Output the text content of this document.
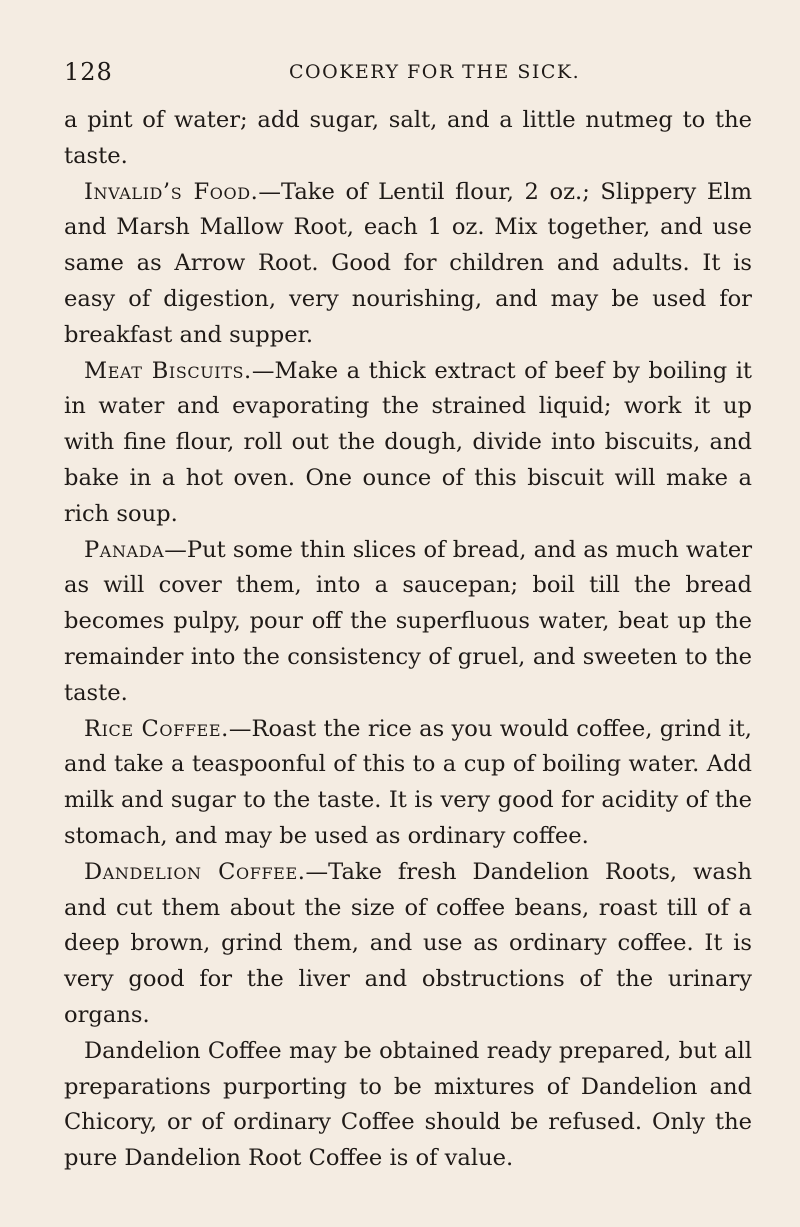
128	COOKERY FOR THE SICK.

a pint of water; add sugar, salt, and a little nutmeg to the taste.

Invalid’s Food.—Take of Lentil flour, 2 oz.; Slippery Elm and Marsh Mallow Root, each 1 oz. Mix together, and use same as Arrow Root. Good for children and adults. It is easy of digestion, very nourishing, and may be used for breakfast and supper.

Meat Biscuits.—Make a thick extract of beef by boiling it in water and evaporating the strained liquid; work it up with fine flour, roll out the dough, divide into biscuits, and bake in a hot oven. One ounce of this biscuit will make a rich soup.

Panada—Put some thin slices of bread, and as much water as will cover them, into a saucepan; boil till the bread becomes pulpy, pour off the superfluous water, beat up the remainder into the consistency of gruel, and sweeten to the taste.

Rice Coffee.—Roast the rice as you would coffee, grind it, and take a teaspoonful of this to a cup of boiling water. Add milk and sugar to the taste. It is very good for acidity of the stomach, and may be used as ordinary coffee.

Dandelion Coffee.—Take fresh Dandelion Roots, wash and cut them about the size of coffee beans, roast till of a deep brown, grind them, and use as ordinary coffee. It is very good for the liver and obstructions of the urinary organs.

Dandelion Coffee may be obtained ready prepared, but all preparations purporting to be mixtures of Dandelion and Chicory, or of ordinary Coffee should be refused. Only the pure Dandelion Root Coffee is of value.
